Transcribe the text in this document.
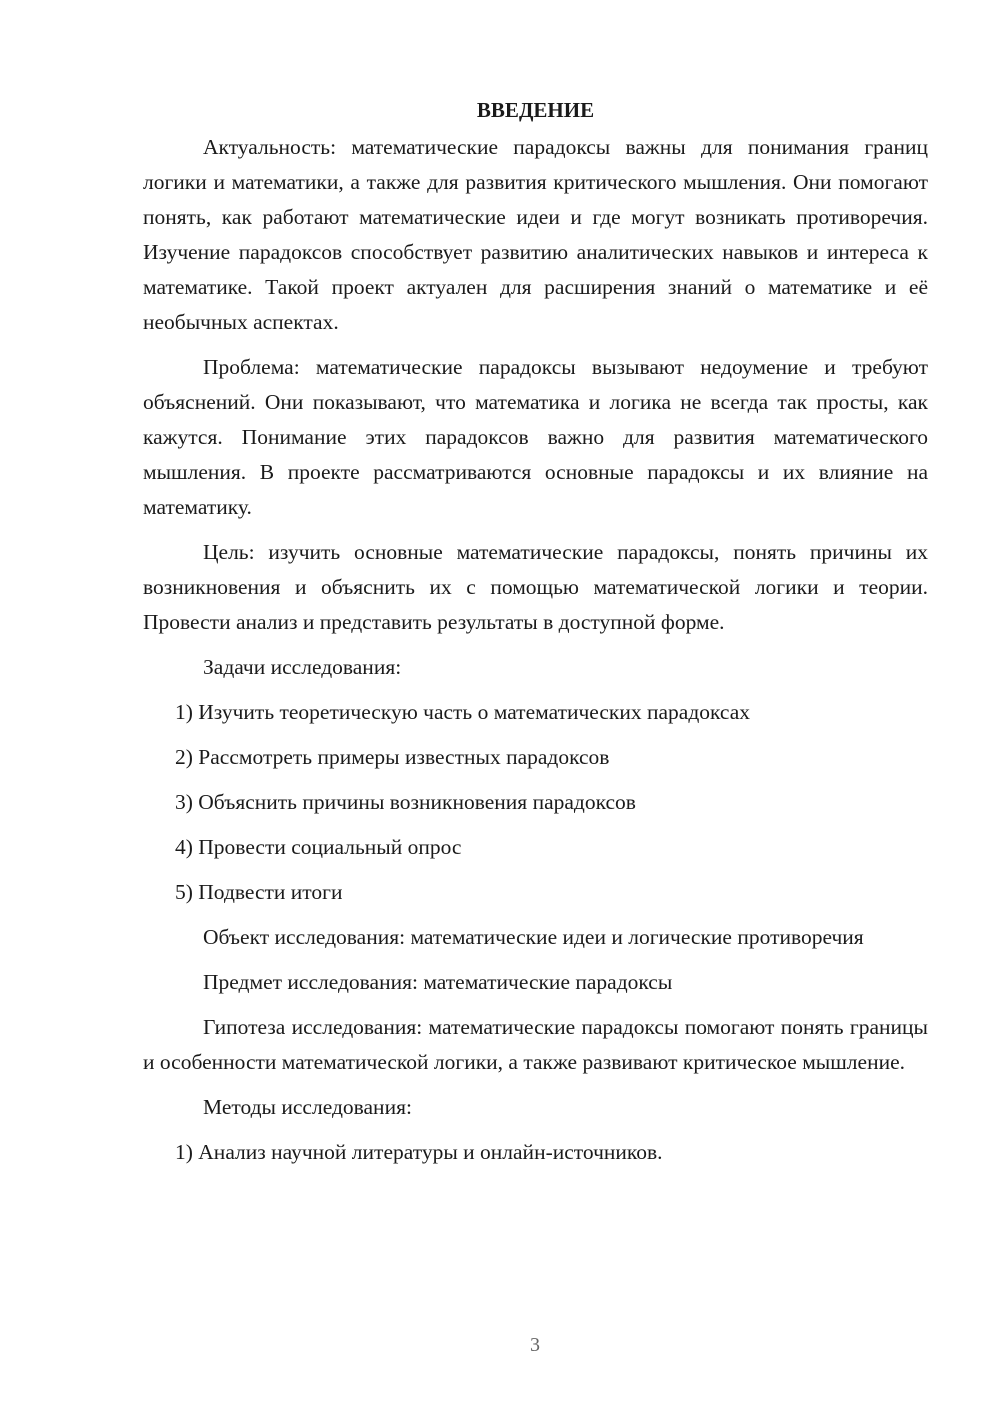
ВВЕДЕНИЕ

Актуальность: математические парадоксы важны для понимания границ логики и математики, а также для развития критического мышления. Они помогают понять, как работают математические идеи и где могут возникать противоречия. Изучение парадоксов способствует развитию аналитических навыков и интереса к математике. Такой проект актуален для расширения знаний о математике и её необычных аспектах.

Проблема: математические парадоксы вызывают недоумение и требуют объяснений. Они показывают, что математика и логика не всегда так просты, как кажутся. Понимание этих парадоксов важно для развития математического мышления. В проекте рассматриваются основные парадоксы и их влияние на математику.

Цель: изучить основные математические парадоксы, понять причины их возникновения и объяснить их с помощью математической логики и теории. Провести анализ и представить результаты в доступной форме.

Задачи исследования:

1) Изучить теоретическую часть о математических парадоксах

2) Рассмотреть примеры известных парадоксов

3) Объяснить причины возникновения парадоксов

4) Провести социальный опрос

5) Подвести итоги

Объект исследования: математические идеи и логические противоречия

Предмет исследования: математические парадоксы

Гипотеза исследования: математические парадоксы помогают понять границы и особенности математической логики, а также развивают критическое мышление.

Методы исследования:

1) Анализ научной литературы и онлайн-источников.

3
